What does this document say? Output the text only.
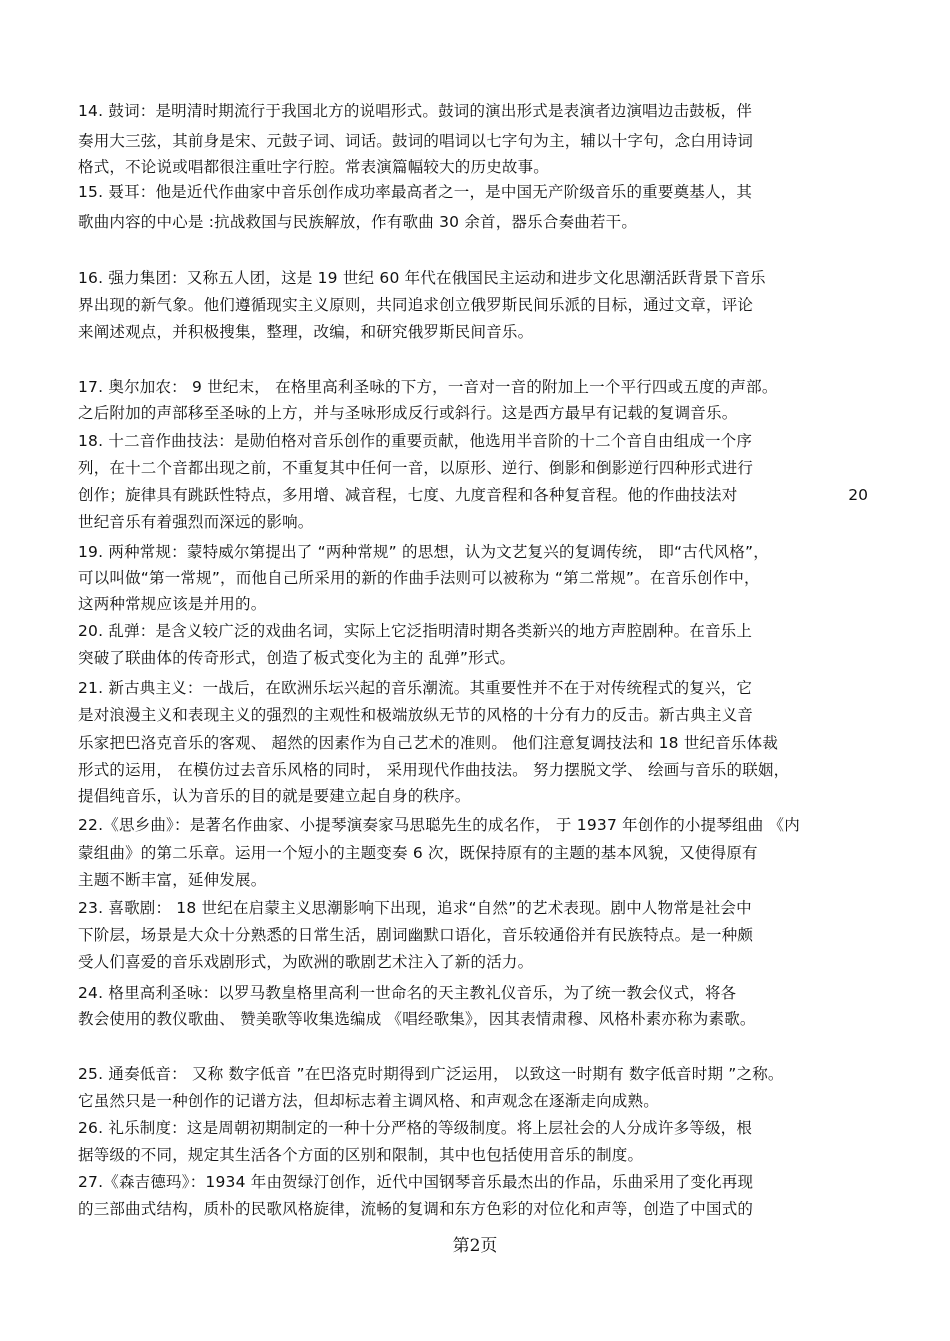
14. 鼓词：是明清时期流行于我国北方的说唱形式。鼓词的演出形式是表演者边演唱边击鼓板，伴
奏用大三弦，其前身是宋、元鼓子词、词话。鼓词的唱词以七字句为主，辅以十字句，念白用诗词
格式，不论说或唱都很注重吐字行腔。常表演篇幅较大的历史故事。
15. 聂耳：他是近代作曲家中音乐创作成功率最高者之一，是中国无产阶级音乐的重要奠基人，其
歌曲内容的中心是 :抗战救国与民族解放，作有歌曲 30 余首，器乐合奏曲若干。
16. 强力集团：又称五人团，这是 19 世纪 60 年代在俄国民主运动和进步文化思潮活跃背景下音乐
界出现的新气象。他们遵循现实主义原则，共同追求创立俄罗斯民间乐派的目标，通过文章，评论
来阐述观点，并积极搜集，整理，改编，和研究俄罗斯民间音乐。
17. 奥尔加农： 9 世纪末， 在格里高利圣咏的下方，一音对一音的附加上一个平行四或五度的声部。
之后附加的声部移至圣咏的上方，并与圣咏形成反行或斜行。这是西方最早有记载的复调音乐。
18. 十二音作曲技法：是勋伯格对音乐创作的重要贡献，他选用半音阶的十二个音自由组成一个序
列，在十二个音都出现之前，不重复其中任何一音，以原形、逆行、倒影和倒影逆行四种形式进行
创作；旋律具有跳跃性特点，多用增、减音程，七度、九度音程和各种复音程。他的作曲技法对	20
世纪音乐有着强烈而深远的影响。
19. 两种常规：蒙特威尔第提出了 “两种常规” 的思想，认为文艺复兴的复调传统， 即“古代风格”，
可以叫做“第一常规”，而他自己所采用的新的作曲手法则可以被称为 “第二常规”。在音乐创作中，
这两种常规应该是并用的。
20. 乱弹：是含义较广泛的戏曲名词，实际上它泛指明清时期各类新兴的地方声腔剧种。在音乐上
突破了联曲体的传奇形式，创造了板式变化为主的 乱弹”形式。
21. 新古典主义：一战后，在欧洲乐坛兴起的音乐潮流。其重要性并不在于对传统程式的复兴，它
是对浪漫主义和表现主义的强烈的主观性和极端放纵无节的风格的十分有力的反击。新古典主义音
乐家把巴洛克音乐的客观、 超然的因素作为自己艺术的准则。 他们注意复调技法和 18 世纪音乐体裁
形式的运用， 在模仿过去音乐风格的同时， 采用现代作曲技法。 努力摆脱文学、 绘画与音乐的联姻，
提倡纯音乐，认为音乐的目的就是要建立起自身的秩序。
22.《思乡曲》：是著名作曲家、小提琴演奏家马思聪先生的成名作， 于 1937 年创作的小提琴组曲 《内
蒙组曲》的第二乐章。运用一个短小的主题变奏 6 次，既保持原有的主题的基本风貌，又使得原有
主题不断丰富，延伸发展。
23. 喜歌剧： 18 世纪在启蒙主义思潮影响下出现，追求“自然”的艺术表现。剧中人物常是社会中
下阶层，场景是大众十分熟悉的日常生活，剧词幽默口语化，音乐较通俗并有民族特点。是一种颇
受人们喜爱的音乐戏剧形式，为欧洲的歌剧艺术注入了新的活力。
24. 格里高利圣咏：以罗马教皇格里高利一世命名的天主教礼仪音乐，为了统一教会仪式，将各
教会使用的教仪歌曲、 赞美歌等收集选编成 《唱经歌集》，因其表情肃穆、风格朴素亦称为素歌。
25. 通奏低音： 又称 数字低音 ”在巴洛克时期得到广泛运用， 以致这一时期有 数字低音时期 ”之称。
它虽然只是一种创作的记谱方法，但却标志着主调风格、和声观念在逐渐走向成熟。
26. 礼乐制度：这是周朝初期制定的一种十分严格的等级制度。将上层社会的人分成许多等级，根
据等级的不同，规定其生活各个方面的区别和限制，其中也包括使用音乐的制度。
27.《森吉德玛》：1934 年由贺绿汀创作，近代中国钢琴音乐最杰出的作品，乐曲采用了变化再现
的三部曲式结构，质朴的民歌风格旋律，流畅的复调和东方色彩的对位化和声等，创造了中国式的
第2页
